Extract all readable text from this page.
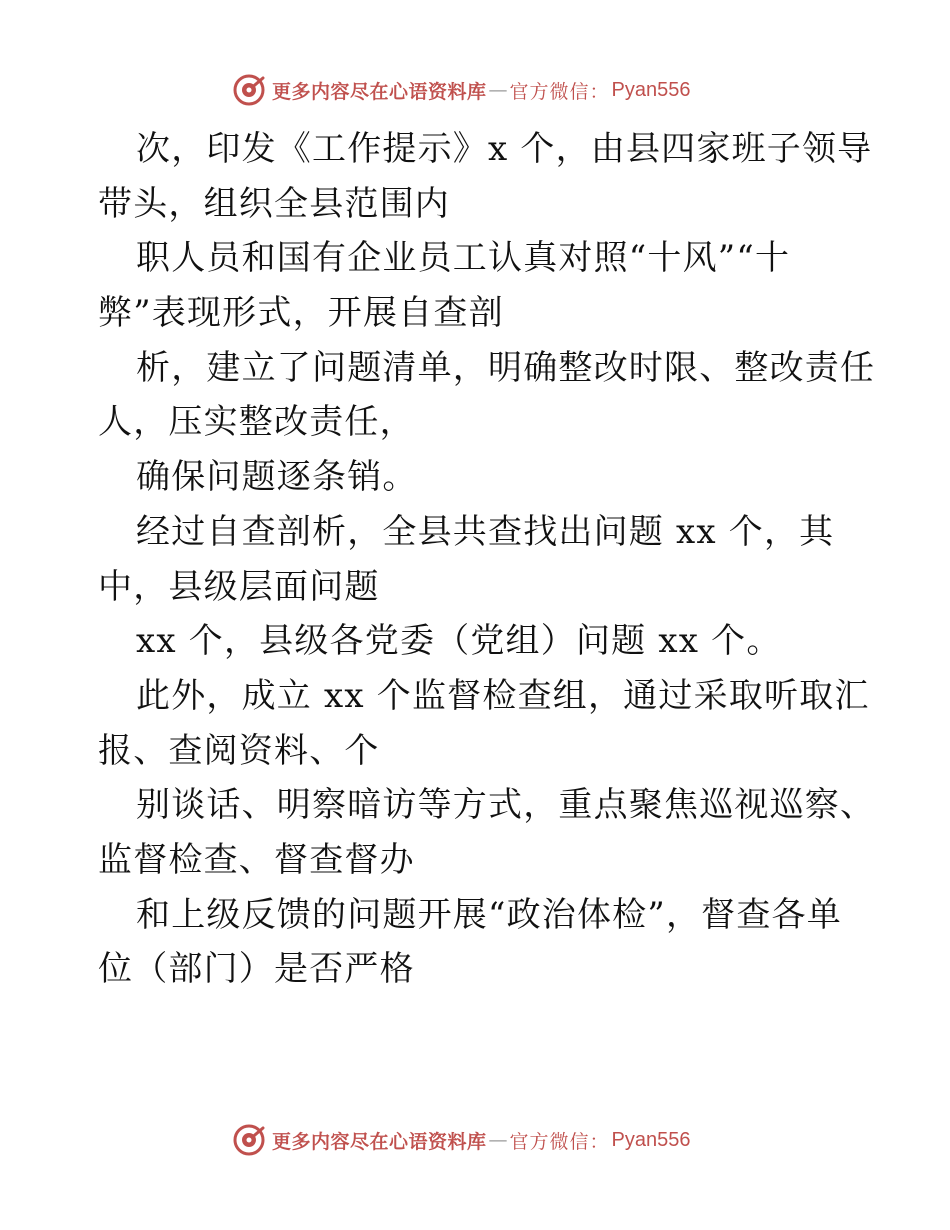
更多内容尽在心语资料库 — 官方微信： Pyan556
次，印发《工作提示》x 个，由县四家班子领导
带头，组织全县范围内
职人员和国有企业员工认真对照“十风”“十
弊”表现形式，开展自查剖
析，建立了问题清单，明确整改时限、整改责任
人，压实整改责任，
确保问题逐条销。
经过自查剖析，全县共查找出问题 xx 个，其
中，县级层面问题
xx 个，县级各党委（党组）问题 xx 个。
此外，成立 xx 个监督检查组，通过采取听取汇
报、查阅资料、个
别谈话、明察暗访等方式，重点聚焦巡视巡察、
监督检查、督查督办
和上级反馈的问题开展“政治体检”，督查各单
位（部门）是否严格
更多内容尽在心语资料库 — 官方微信： Pyan556
